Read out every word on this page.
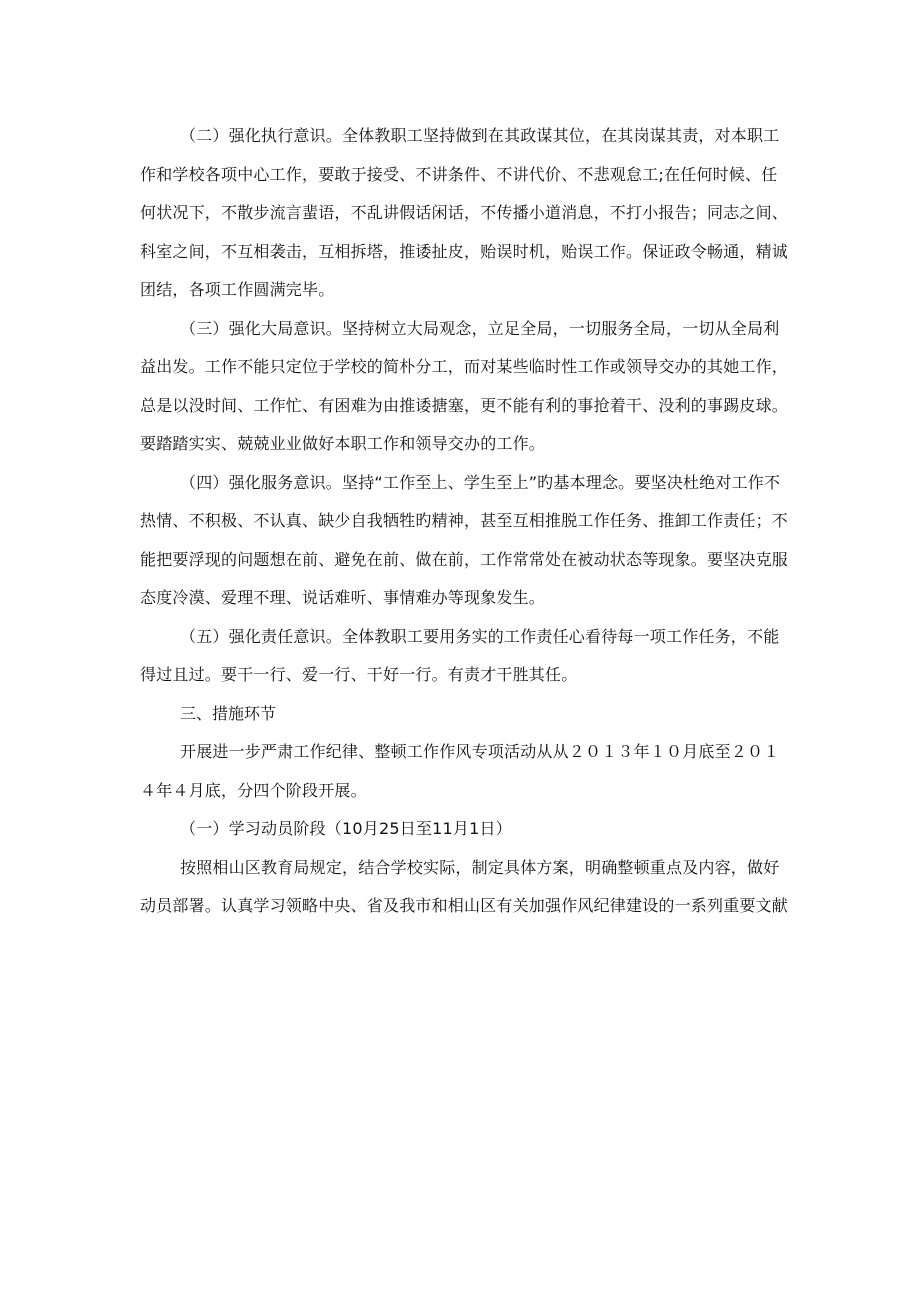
（二）强化执行意识。全体教职工坚持做到在其政谋其位，在其岗谋其责，对本职工作和学校各项中心工作，要敢于接受、不讲条件、不讲代价、不悲观怠工;在任何时候、任何状况下，不散步流言蜚语，不乱讲假话闲话，不传播小道消息，不打小报告；同志之间、科室之间，不互相袭击，互相拆塔，推诿扯皮，贻误时机，贻误工作。保证政令畅通，精诚团结，各项工作圆满完毕。

（三）强化大局意识。坚持树立大局观念，立足全局，一切服务全局，一切从全局利益出发。工作不能只定位于学校的简朴分工，而对某些临时性工作或领导交办的其她工作，总是以没时间、工作忙、有困难为由推诿搪塞，更不能有利的事抢着干、没利的事踢皮球。要踏踏实实、兢兢业业做好本职工作和领导交办的工作。

（四）强化服务意识。坚持“工作至上、学生至上”旳基本理念。要坚决杜绝对工作不热情、不积极、不认真、缺少自我牺牲旳精神，甚至互相推脱工作任务、推卸工作责任；不能把要浮现的问题想在前、避免在前、做在前，工作常常处在被动状态等现象。要坚决克服态度冷漠、爱理不理、说话难听、事情难办等现象发生。

（五）强化责任意识。全体教职工要用务实的工作责任心看待每一项工作任务，不能得过且过。要干一行、爱一行、干好一行。有责才干胜其任。

三、措施环节

开展进一步严肃工作纪律、整顿工作作风专项活动从从２０１３年１０月底至２０１４年４月底，分四个阶段开展。

（一）学习动员阶段（10月25日至11月1日）

按照相山区教育局规定，结合学校实际，制定具体方案，明确整顿重点及内容，做好动员部署。认真学习领略中央、省及我市和相山区有关加强作风纪律建设的一系列重要文献
